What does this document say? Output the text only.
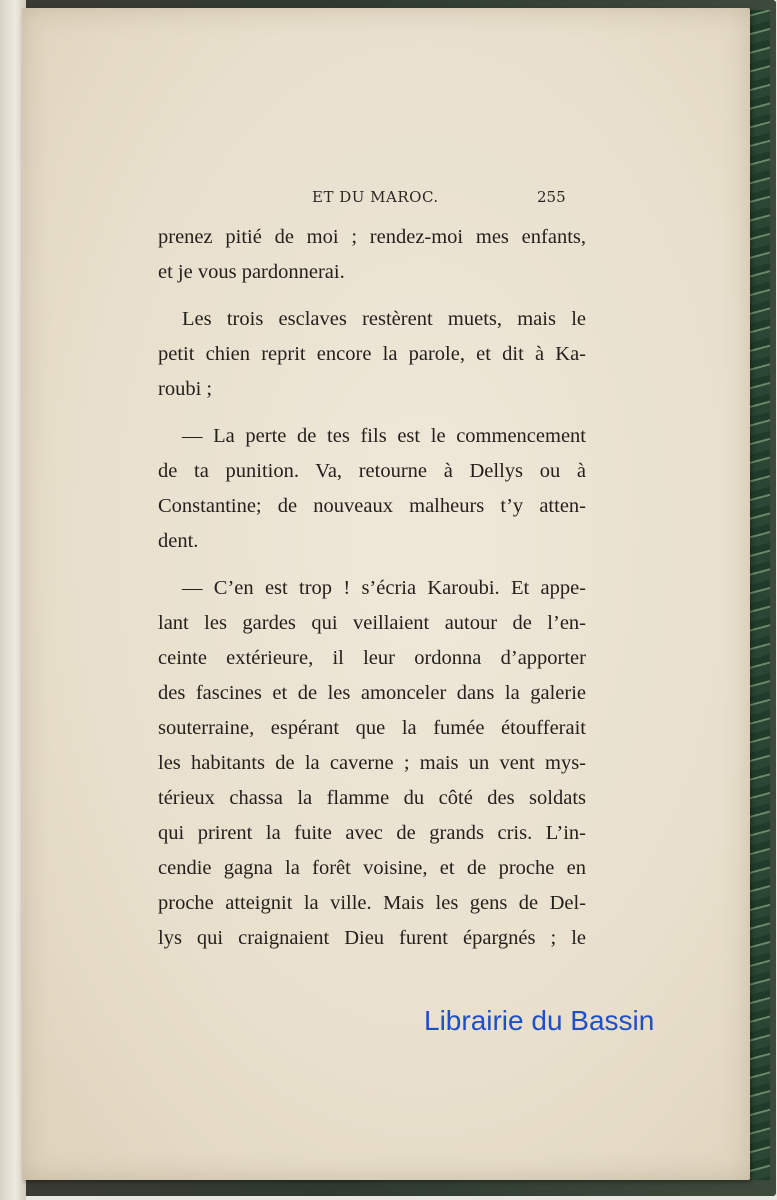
ET DU MAROC.	255

prenez pitié de moi ; rendez-moi mes enfants,
et je vous pardonnerai.

Les trois esclaves restèrent muets, mais le
petit chien reprit encore la parole, et dit à Ka-
roubi ;

— La perte de tes fils est le commencement
de ta punition. Va, retourne à Dellys ou à
Constantine; de nouveaux malheurs t’y atten-
dent.

— C’en est trop ! s’écria Karoubi. Et appe-
lant les gardes qui veillaient autour de l’en-
ceinte extérieure, il leur ordonna d’apporter
des fascines et de les amonceler dans la galerie
souterraine, espérant que la fumée étoufferait
les habitants de la caverne ; mais un vent mys-
térieux chassa la flamme du côté des soldats
qui prirent la fuite avec de grands cris. L’in-
cendie gagna la forêt voisine, et de proche en
proche atteignit la ville. Mais les gens de Del-
lys qui craignaient Dieu furent épargnés ; le

Librairie du Bassin
